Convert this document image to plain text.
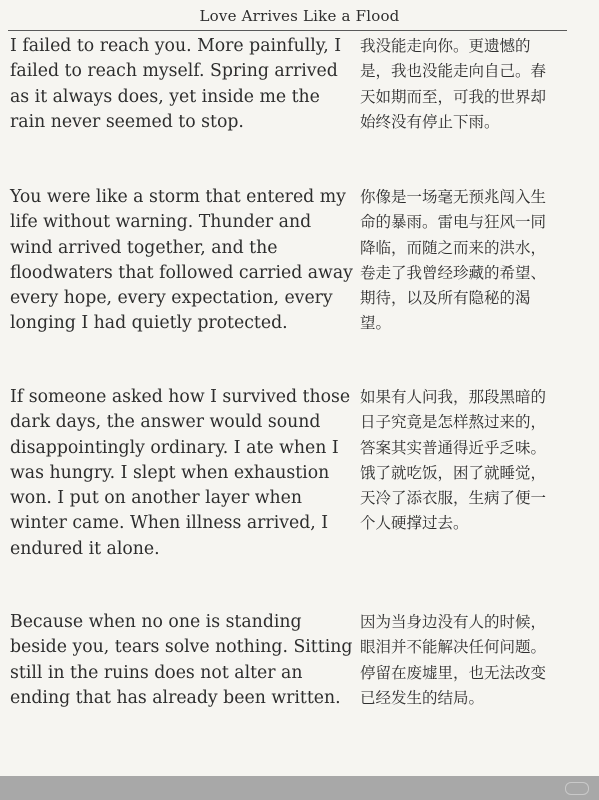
Love Arrives Like a Flood
I failed to reach you. More painfully, I
failed to reach myself. Spring arrived
as it always does, yet inside me the
rain never seemed to stop.
我没能走向你。更遗憾的
是，我也没能走向自己。春
天如期而至，可我的世界却
始终没有停止下雨。
You were like a storm that entered my
life without warning. Thunder and
wind arrived together, and the
floodwaters that followed carried away
every hope, every expectation, every
longing I had quietly protected.
你像是一场毫无预兆闯入生
命的暴雨。雷电与狂风一同
降临，而随之而来的洪水，
卷走了我曾经珍藏的希望、
期待，以及所有隐秘的渴
望。
If someone asked how I survived those
dark days, the answer would sound
disappointingly ordinary. I ate when I
was hungry. I slept when exhaustion
won. I put on another layer when
winter came. When illness arrived, I
endured it alone.
如果有人问我，那段黑暗的
日子究竟是怎样熬过来的，
答案其实普通得近乎乏味。
饿了就吃饭，困了就睡觉，
天冷了添衣服，生病了便一
个人硬撑过去。
Because when no one is standing
beside you, tears solve nothing. Sitting
still in the ruins does not alter an
ending that has already been written.
因为当身边没有人的时候，
眼泪并不能解决任何问题。
停留在废墟里，也无法改变
已经发生的结局。
